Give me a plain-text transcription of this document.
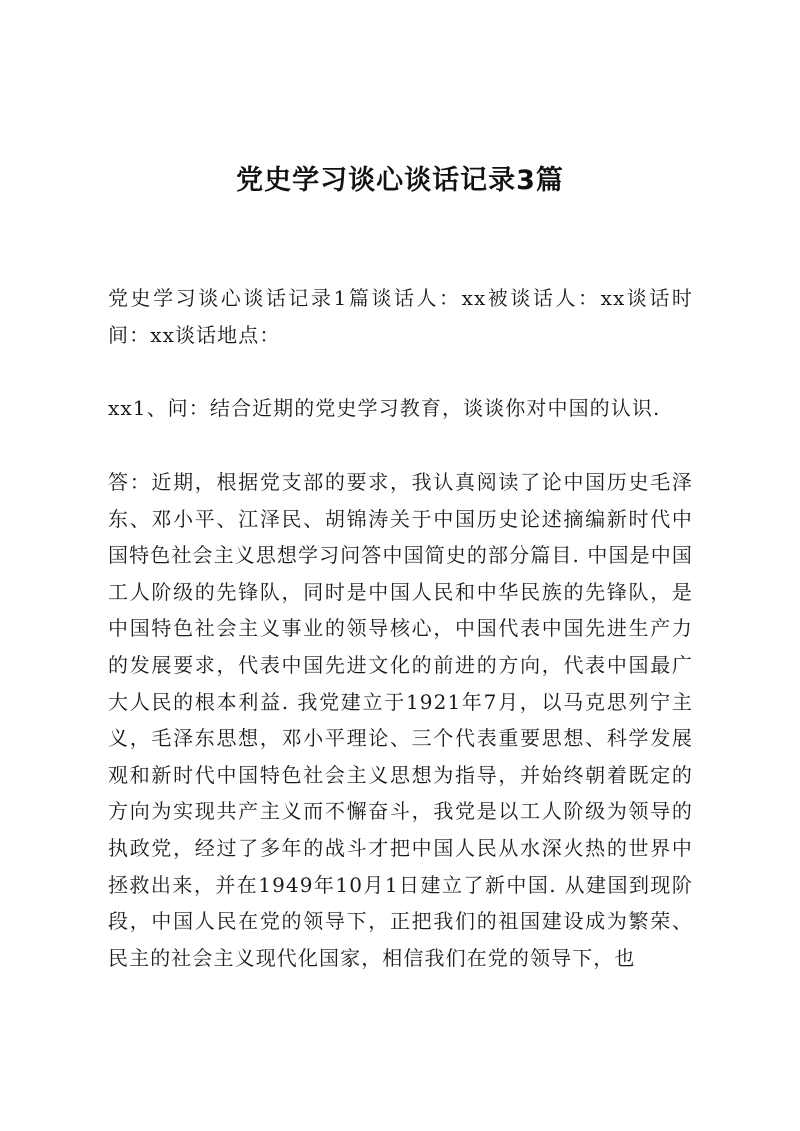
党史学习谈心谈话记录3篇

党史学习谈心谈话记录1篇谈话人：xx被谈话人：xx谈话时间：xx谈话地点：

xx1、问：结合近期的党史学习教育，谈谈你对中国的认识.

答：近期，根据党支部的要求，我认真阅读了论中国历史毛泽东、邓小平、江泽民、胡锦涛关于中国历史论述摘编新时代中国特色社会主义思想学习问答中国简史的部分篇目. 中国是中国工人阶级的先锋队，同时是中国人民和中华民族的先锋队，是中国特色社会主义事业的领导核心，中国代表中国先进生产力的发展要求，代表中国先进文化的前进的方向，代表中国最广大人民的根本利益. 我党建立于1921年7月，以马克思列宁主义，毛泽东思想，邓小平理论、三个代表重要思想、科学发展观和新时代中国特色社会主义思想为指导，并始终朝着既定的方向为实现共产主义而不懈奋斗，我党是以工人阶级为领导的执政党，经过了多年的战斗才把中国人民从水深火热的世界中拯救出来，并在1949年10月1日建立了新中国. 从建国到现阶段，中国人民在党的领导下，正把我们的祖国建设成为繁荣、民主的社会主义现代化国家，相信我们在党的领导下，也
